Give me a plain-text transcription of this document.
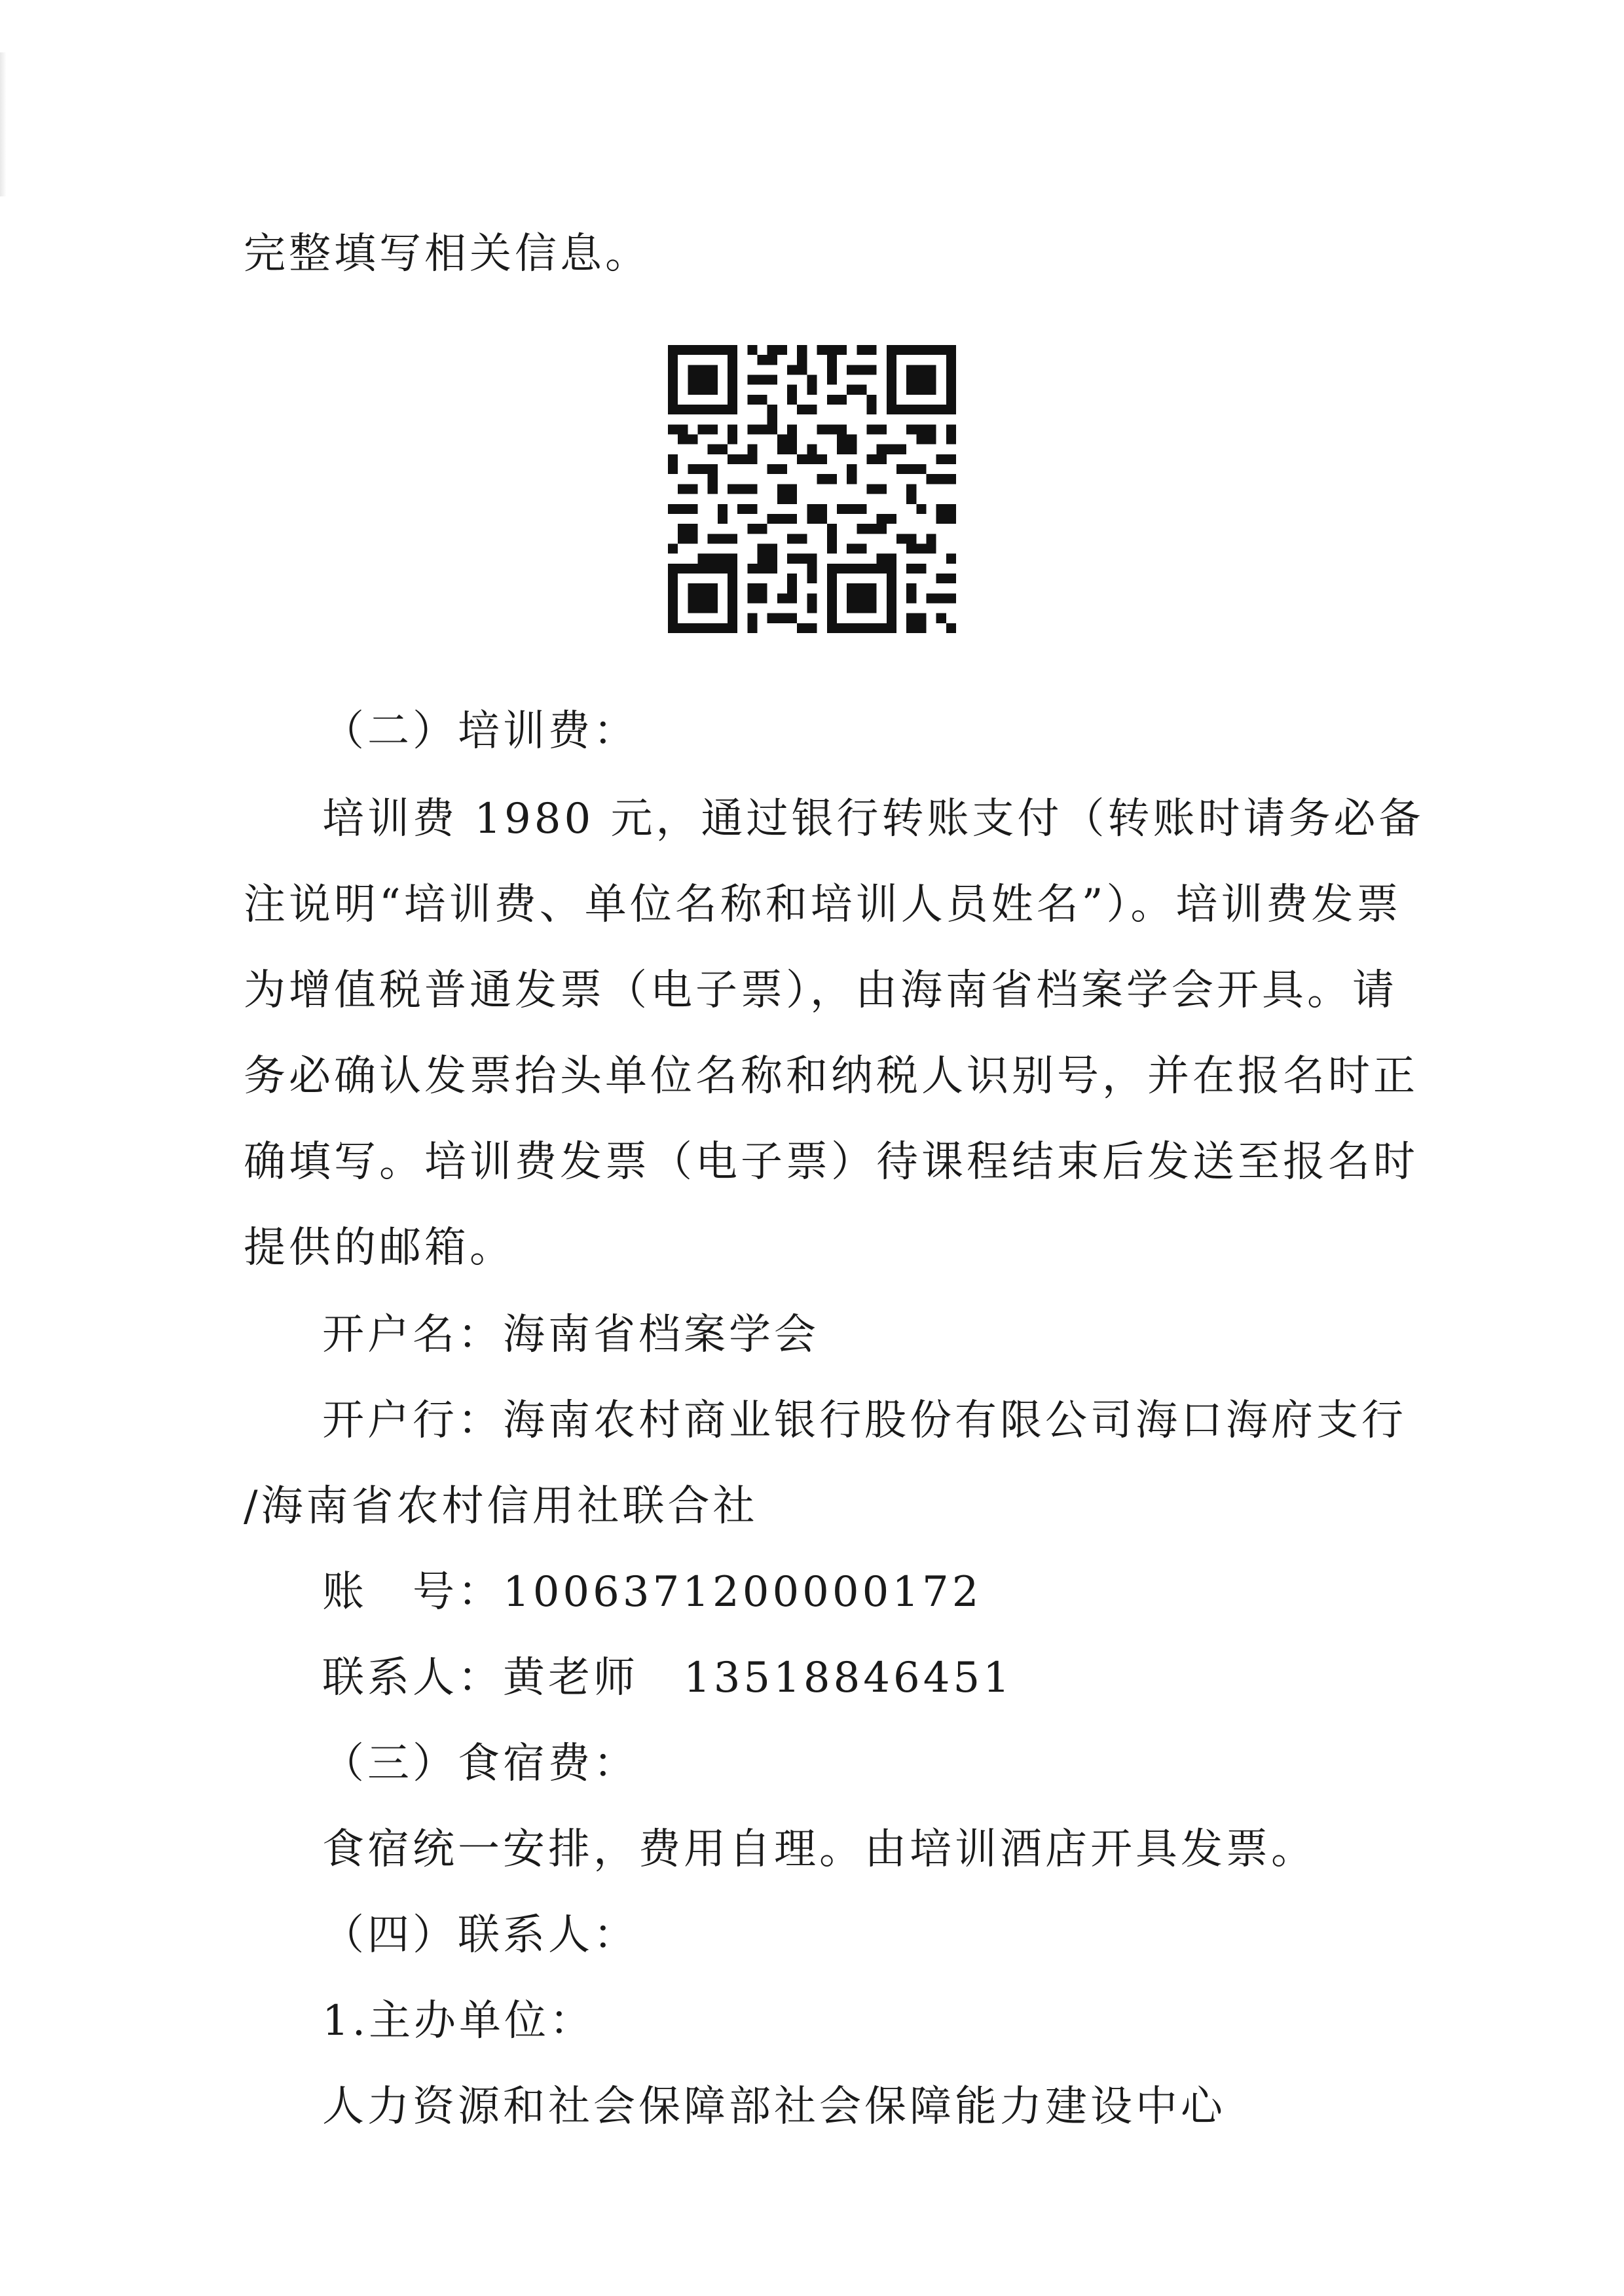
完整填写相关信息。
（二）培训费：
培训费 1980 元，通过银行转账支付（转账时请务必备
注说明“培训费、单位名称和培训人员姓名”）。培训费发票
为增值税普通发票（电子票），由海南省档案学会开具。请
务必确认发票抬头单位名称和纳税人识别号，并在报名时正
确填写。培训费发票（电子票）待课程结束后发送至报名时
提供的邮箱。
开户名：海南省档案学会
开户行：海南农村商业银行股份有限公司海口海府支行
/海南省农村信用社联合社
账　号：1006371200000172
联系人：黄老师　13518846451
（三）食宿费：
食宿统一安排，费用自理。由培训酒店开具发票。
（四）联系人：
1.主办单位：
人力资源和社会保障部社会保障能力建设中心
